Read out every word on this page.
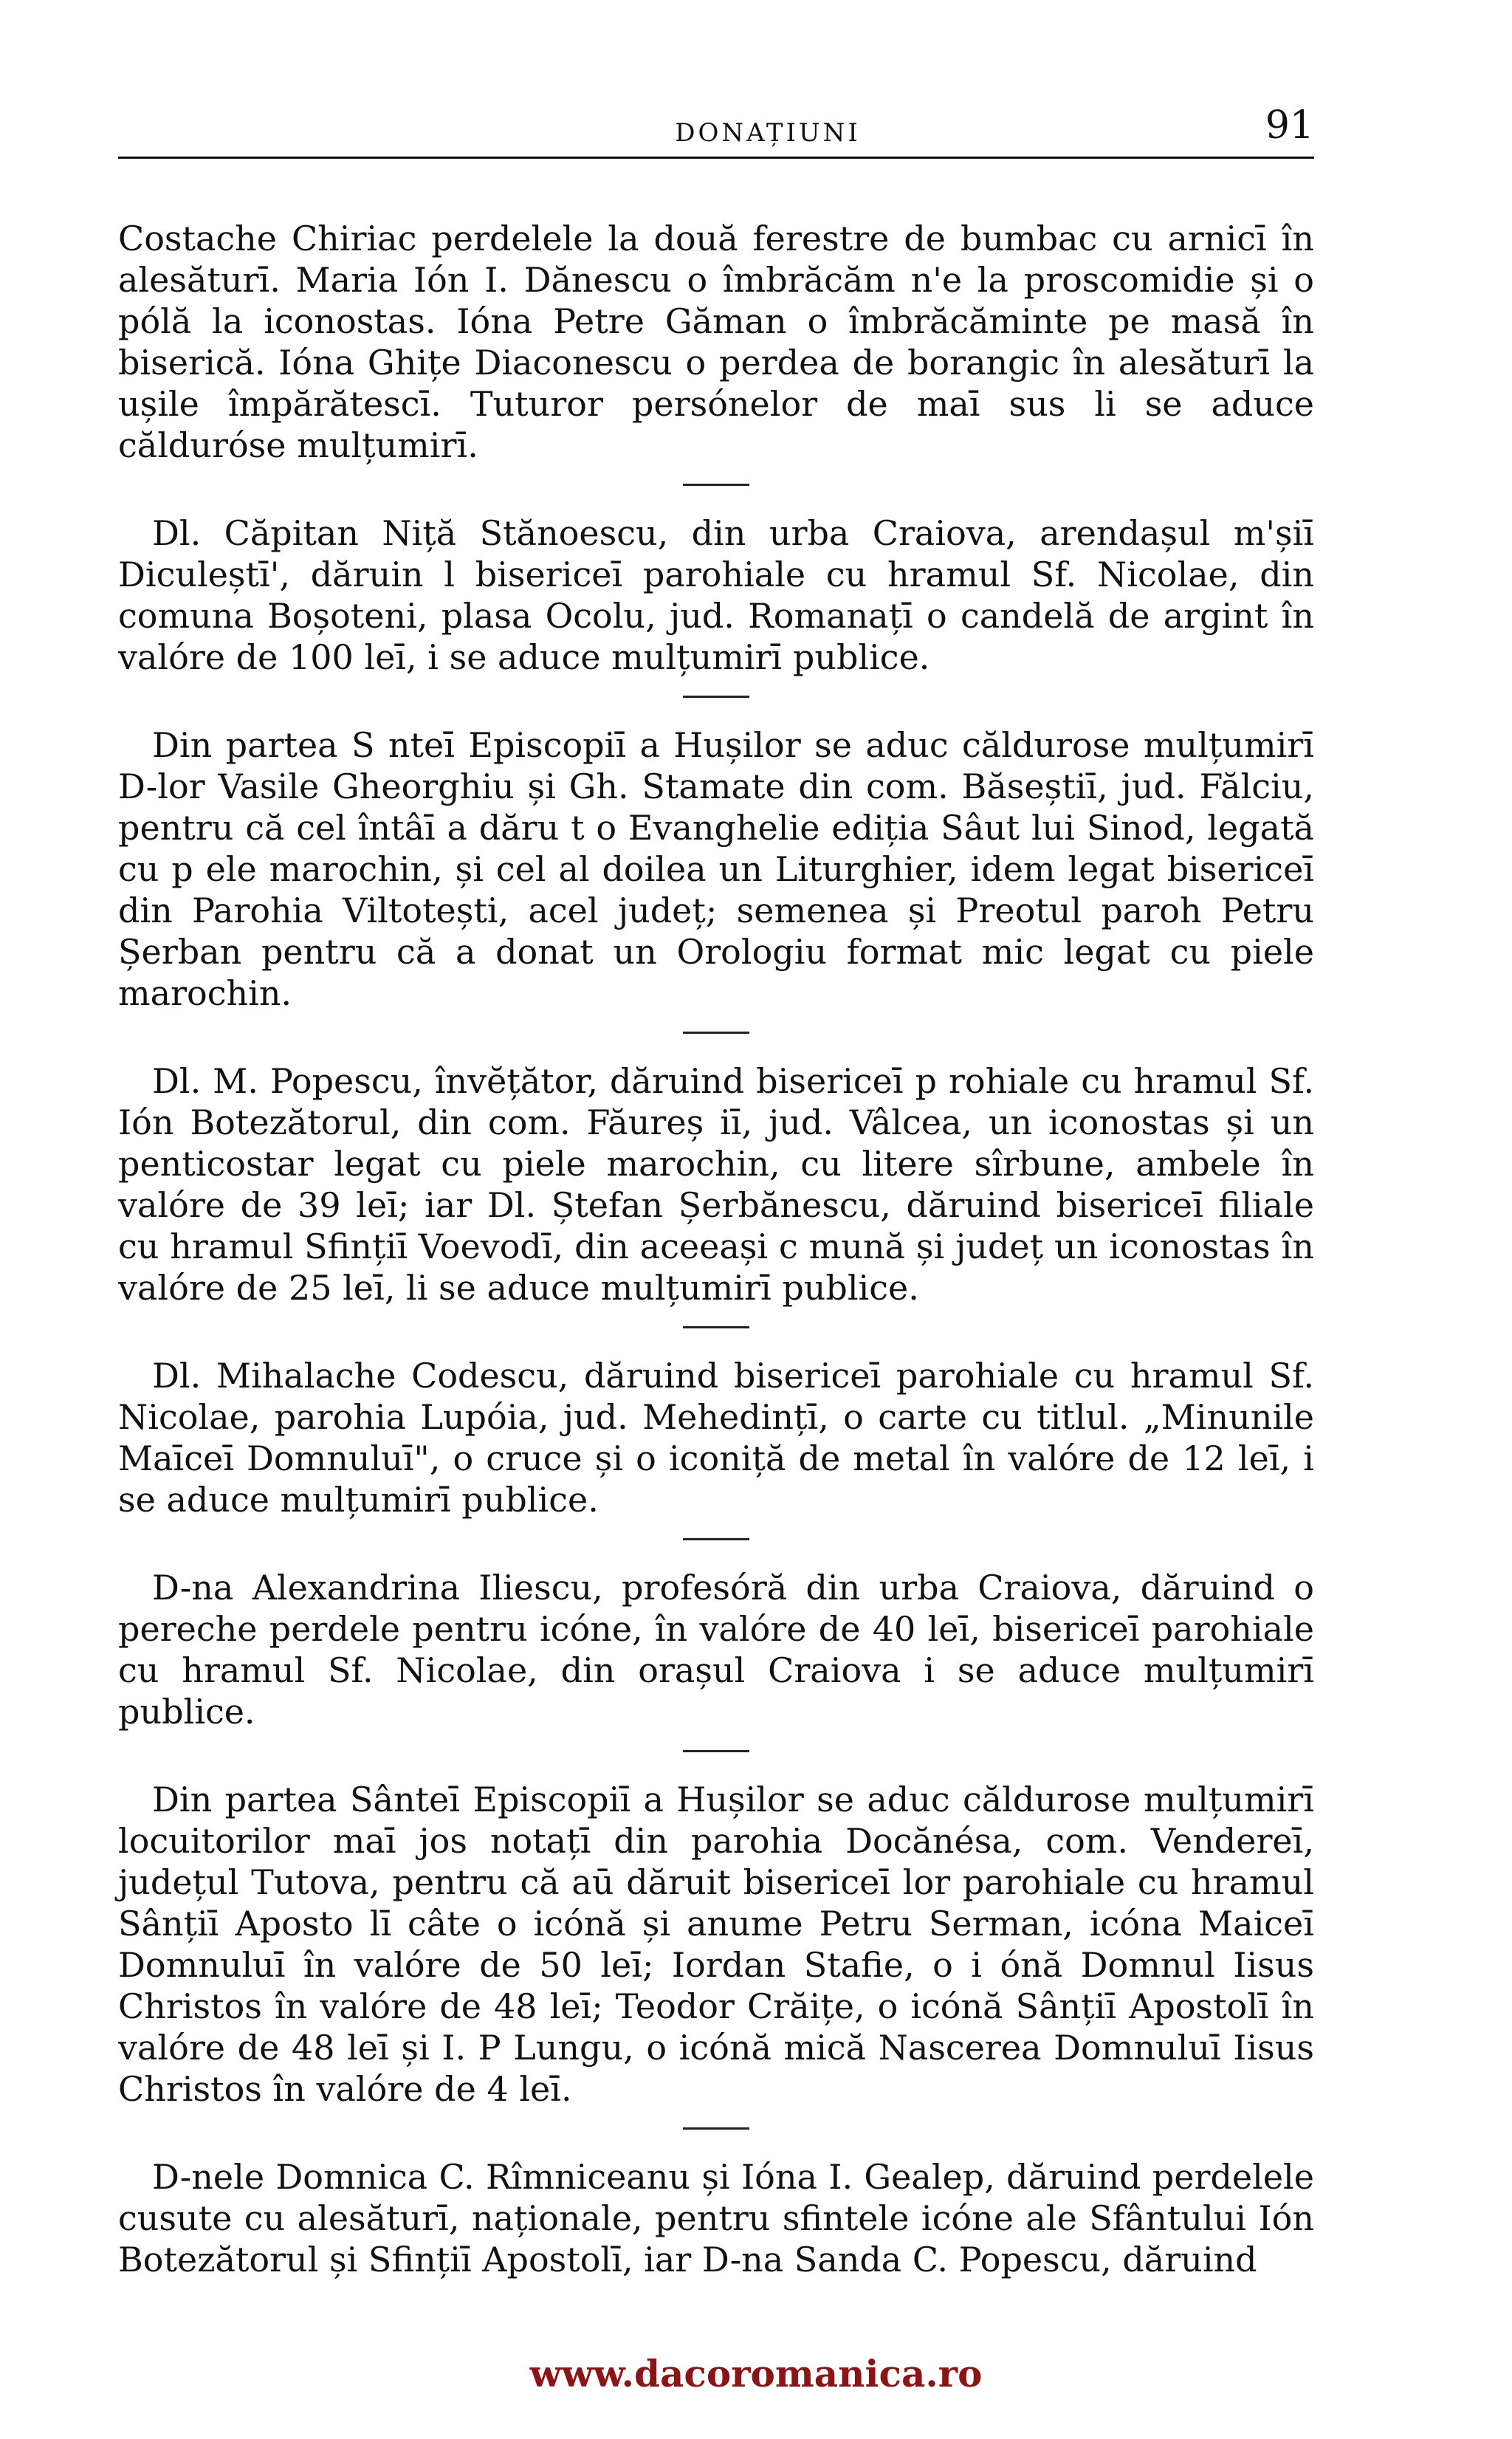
DONAȚIUNI	91

Costache Chiriac perdelele la două ferestre de bumbac cu arnicī în alesăturī. Maria Ión I. Dănescu o îmbrăcăm n'e la proscomidie și o pólă la iconostas. Ióna Petre Găman o îmbrăcăminte pe masă în biserică. Ióna Ghițe Diaconescu o perdea de borangic în alesăturī la ușile împărătescī. Tuturor persónelor de maī sus li se aduce căldurósе mulțumirī.

Dl. Căpitan Niță Stănoescu, din urba Craiova, arendașul m'șiī Diculeștī', dăruin l bisericeī parohiale cu hramul Sf. Nicolae, din comuna Boșoteni, plasa Ocolu, jud. Romanațī o candelă de argint în valóre de 100 leī, i se aduce mulțumirī publice.

Din partea S nteī Episcopiī a Hușilor se aduc căldurose mulțumirī D-lor Vasile Gheorghiu și Gh. Stamate din com. Băseștiī, jud. Fălciu, pentru că cel întâī a dăru t o Evanghelie ediția Sâut lui Sinod, legată cu p ele marochin, și cel al doilea un Liturghier, idem legat bisericeī din Parohia Viltotești, acel județ; semenea și Preotul paroh Petru Șerban pentru că a donat un Orologiu format mic legat cu piele marochin.

Dl. M. Popescu, învĕțător, dăruind bisericeī p rohiale cu hramul Sf. Ión Botezătorul, din com. Făureș iī, jud. Vâlcea, un iconostas și un penticostar legat cu piele marochin, cu litere sîrbune, ambele în valóre de 39 leī; iar Dl. Ștefan Șerbănescu, dăruind bisericeī filiale cu hramul Sfințiī Voevodī, din aceeași c mună și județ un iconostas în valóre de 25 leī, li se aduce mulțumirī publice.

Dl. Mihalache Codescu, dăruind bisericeī parohiale cu hramul Sf. Nicolae, parohia Lupóia, jud. Mehedințī, o carte cu titlul. „Minunile Maīceī Domnuluī", o cruce și o iconiță de metal în valóre de 12 leī, i se aduce mulțumirī publice.

D-na Alexandrina Iliescu, profesóră din urba Craiova, dăruind o pereche perdele pentru icóne, în valóre de 40 leī, bisericeī parohiale cu hramul Sf. Nicolae, din orașul Craiova i se aduce mulțumirī publice.

Din partea Sânteī Episcopiī a Hușilor se aduc căldurose mulțumirī locuitorilor maī jos notațī din parohia Docănésa, com. Vendereī, județul Tutova, pentru că aū dăruit bisericeī lor parohiale cu hramul Sânțiī Aposto lī câte o icónă și anume Petru Serman, icóna Maiceī Domnuluī în valóre de 50 leī; Iordan Stafie, o i ónă Domnul Iisus Christos în valóre de 48 leī; Teodor Crăițe, o icónă Sânțiī Apostolī în valóre de 48 leī și I. P Lungu, o icónă mică Nascerea Domnuluī Iisus Christos în valóre de 4 leī.

D-nele Domnica C. Rîmniceanu și Ióna I. Gealep, dăruind perdelele cusute cu alesăturī, naționale, pentru sfintele icóne ale Sfântului Ión Botezătorul și Sfințiī Apostolī, iar D-na Sanda C. Popescu, dăruind

www.dacoromanica.ro
